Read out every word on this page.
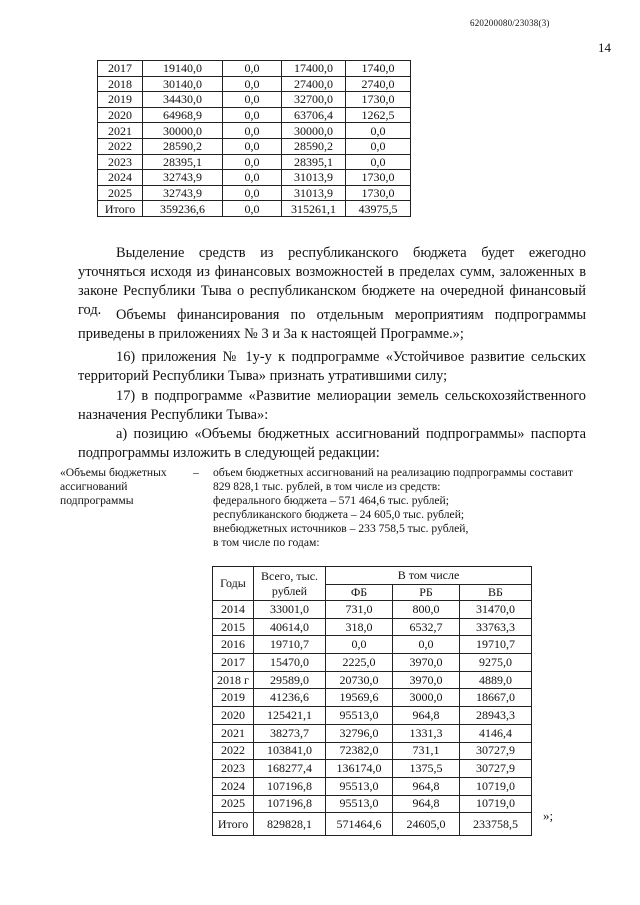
620200080/23038(3)
14
2017	19140,0	0,0	17400,0	1740,0
2018	30140,0	0,0	27400,0	2740,0
2019	34430,0	0,0	32700,0	1730,0
2020	64968,9	0,0	63706,4	1262,5
2021	30000,0	0,0	30000,0	0,0
2022	28590,2	0,0	28590,2	0,0
2023	28395,1	0,0	28395,1	0,0
2024	32743,9	0,0	31013,9	1730,0
2025	32743,9	0,0	31013,9	1730,0
Итого	359236,6	0,0	315261,1	43975,5

Выделение средств из республиканского бюджета будет ежегодно уточняться исходя из финансовых возможностей в пределах сумм, заложенных в законе Республики Тыва о республиканском бюджете на очередной финансовый год.	Объемы финансирования по отдельным мероприятиям подпрограммы приведены в приложениях № 3 и 3а к настоящей Программе.»;

16) приложения № 1у-у к подпрограмме «Устойчивое развитие сельских территорий Республики Тыва» признать утратившими силу;

17) в подпрограмме «Развитие мелиорации земель сельскохозяйственного назначения Республики Тыва»:

а) позицию «Объемы бюджетных ассигнований подпрограммы» паспорта подпрограммы изложить в следующей редакции:

«Объемы бюджетных ассигнований подпрограммы
– объем бюджетных ассигнований на реализацию подпрограммы составит 829 828,1 тыс. рублей, в том числе из средств:
федерального бюджета – 571 464,6 тыс. рублей;
республиканского бюджета – 24 605,0 тыс. рублей;
внебюджетных источников – 233 758,5 тыс. рублей,
в том числе по годам:
Годы	Всего, тыс. рублей	В том числе		
		ФБ	РБ	ВБ
2014	33001,0	731,0	800,0	31470,0
2015	40614,0	318,0	6532,7	33763,3
2016	19710,7	0,0	0,0	19710,7
2017	15470,0	2225,0	3970,0	9275,0
2018 г	29589,0	20730,0	3970,0	4889,0
2019	41236,6	19569,6	3000,0	18667,0
2020	125421,1	95513,0	964,8	28943,3
2021	38273,7	32796,0	1331,3	4146,4
2022	103841,0	72382,0	731,1	30727,9
2023	168277,4	136174,0	1375,5	30727,9
2024	107196,8	95513,0	964,8	10719,0
2025	107196,8	95513,0	964,8	10719,0
Итого	829828,1	571464,6	24605,0	233758,5
»;
